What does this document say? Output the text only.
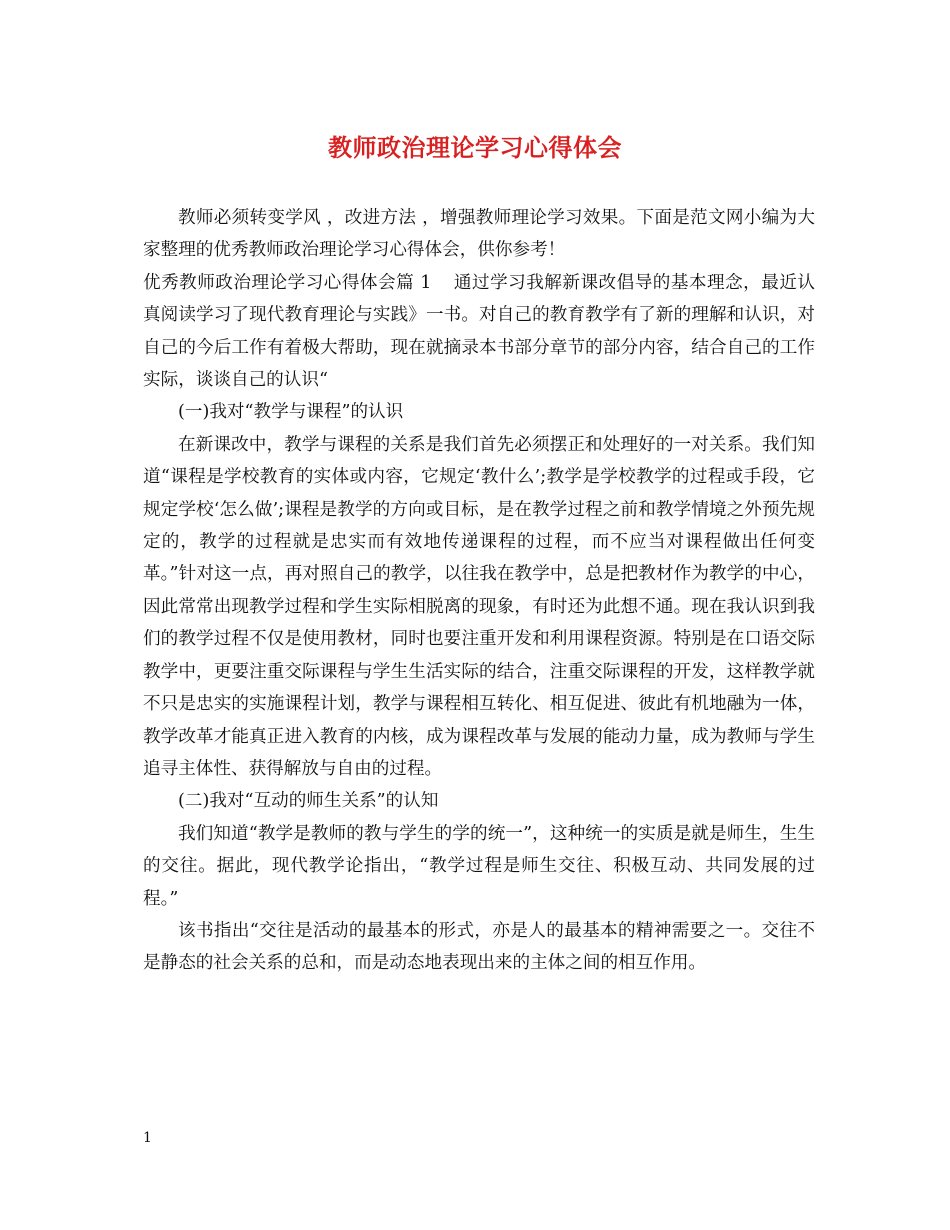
教师政治理论学习心得体会

教师必须转变学风 ，改进方法 ，增强教师理论学习效果。下面是范文网小编为大家整理的优秀教师政治理论学习心得体会，供你参考！

优秀教师政治理论学习心得体会篇 1 通过学习我解新课改倡导的基本理念，最近认真阅读学习了现代教育理论与实践》一书。对自己的教育教学有了新的理解和认识，对自己的今后工作有着极大帮助，现在就摘录本书部分章节的部分内容，结合自己的工作实际，谈谈自己的认识“

(一)我对“教学与课程”的认识

在新课改中，教学与课程的关系是我们首先必须摆正和处理好的一对关系。我们知道“课程是学校教育的实体或内容，它规定‘教什么’;教学是学校教学的过程或手段，它规定学校‘怎么做’;课程是教学的方向或目标，是在教学过程之前和教学情境之外预先规定的，教学的过程就是忠实而有效地传递课程的过程，而不应当对课程做出任何变革。”针对这一点，再对照自己的教学，以往我在教学中，总是把教材作为教学的中心，因此常常出现教学过程和学生实际相脱离的现象，有时还为此想不通。现在我认识到我们的教学过程不仅是使用教材，同时也要注重开发和利用课程资源。特别是在口语交际教学中，更要注重交际课程与学生生活实际的结合，注重交际课程的开发，这样教学就不只是忠实的实施课程计划，教学与课程相互转化、相互促进、彼此有机地融为一体，教学改革才能真正进入教育的内核，成为课程改革与发展的能动力量，成为教师与学生追寻主体性、获得解放与自由的过程。

(二)我对“互动的师生关系”的认知

我们知道“教学是教师的教与学生的学的统一”，这种统一的实质是就是师生，生生的交往。据此，现代教学论指出，“教学过程是师生交往、积极互动、共同发展的过程。”

该书指出“交往是活动的最基本的形式，亦是人的最基本的精神需要之一。交往不是静态的社会关系的总和，而是动态地表现出来的主体之间的相互作用。

1
